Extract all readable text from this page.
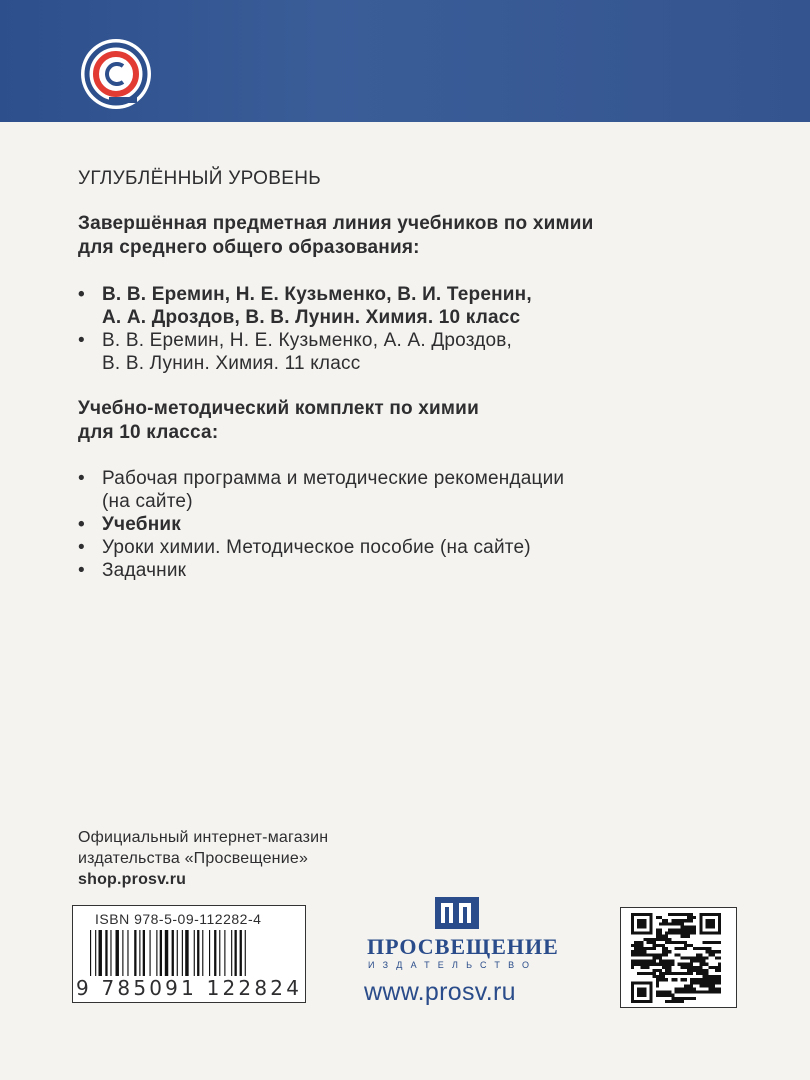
УГЛУБЛЁННЫЙ УРОВЕНЬ
Завершённая предметная линия учебников по химии
для среднего общего образования:
• В. В. Еремин, Н. Е. Кузьменко, В. И. Теренин,
А. А. Дроздов, В. В. Лунин. Химия. 10 класс
• В. В. Еремин, Н. Е. Кузьменко, А. А. Дроздов,
В. В. Лунин. Химия. 11 класс
Учебно-методический комплект по химии
для 10 класса:
• Рабочая программа и методические рекомендации
(на сайте)
• Учебник
• Уроки химии. Методическое пособие (на сайте)
• Задачник
Официальный интернет-магазин
издательства «Просвещение»
shop.prosv.ru
ISBN 978-5-09-112282-4
9 785091 122824
ПРОСВЕЩЕНИЕ
ИЗДАТЕЛЬСТВО
www.prosv.ru
